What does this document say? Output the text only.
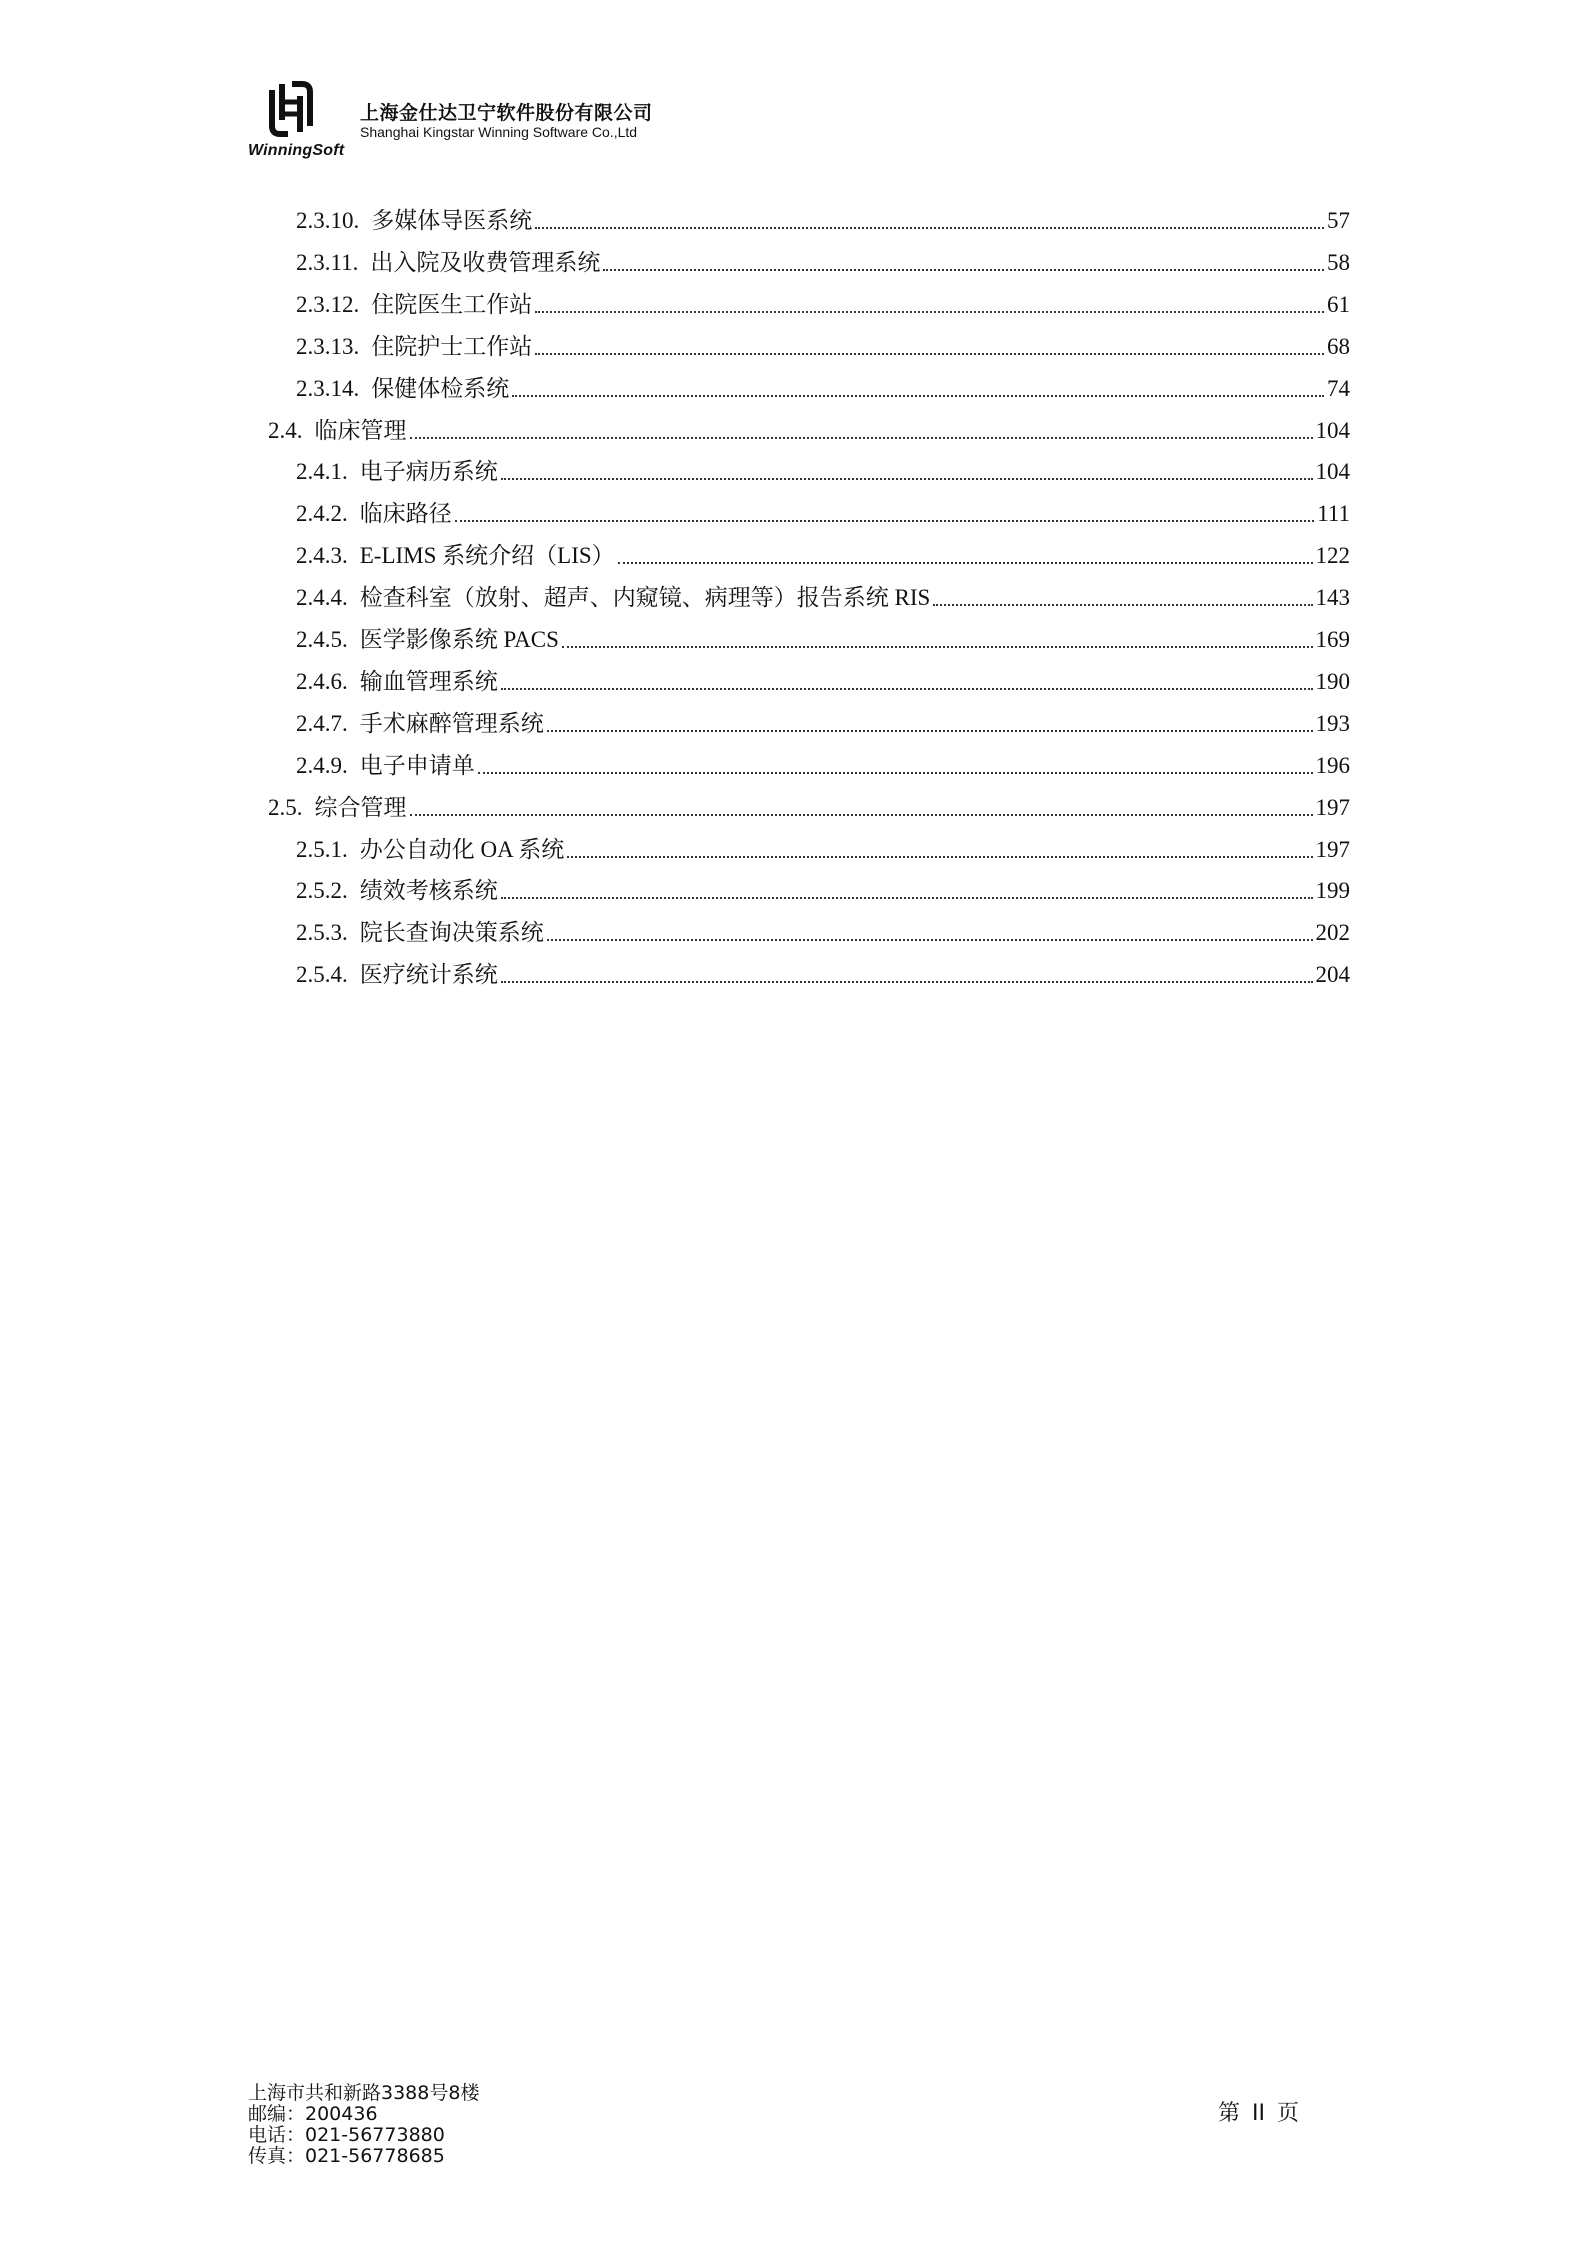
WinningSoft
上海金仕达卫宁软件股份有限公司
Shanghai Kingstar Winning Software Co.,Ltd
2.3.10. 多媒体导医系统	57
2.3.11. 出入院及收费管理系统	58
2.3.12. 住院医生工作站	61
2.3.13. 住院护士工作站	68
2.3.14. 保健体检系统	74
2.4. 临床管理	104
2.4.1. 电子病历系统	104
2.4.2. 临床路径	111
2.4.3. E-LIMS 系统介绍（LIS）	122
2.4.4. 检查科室（放射、超声、内窥镜、病理等）报告系统 RIS	143
2.4.5. 医学影像系统 PACS	169
2.4.6. 输血管理系统	190
2.4.7. 手术麻醉管理系统	193
2.4.9. 电子申请单	196
2.5. 综合管理	197
2.5.1. 办公自动化 OA 系统	197
2.5.2. 绩效考核系统	199
2.5.3. 院长查询决策系统	202
2.5.4. 医疗统计系统	204
上海市共和新路3388号8楼
邮编：200436
电话：021-56773880
传真：021-56778685
第 II 页
